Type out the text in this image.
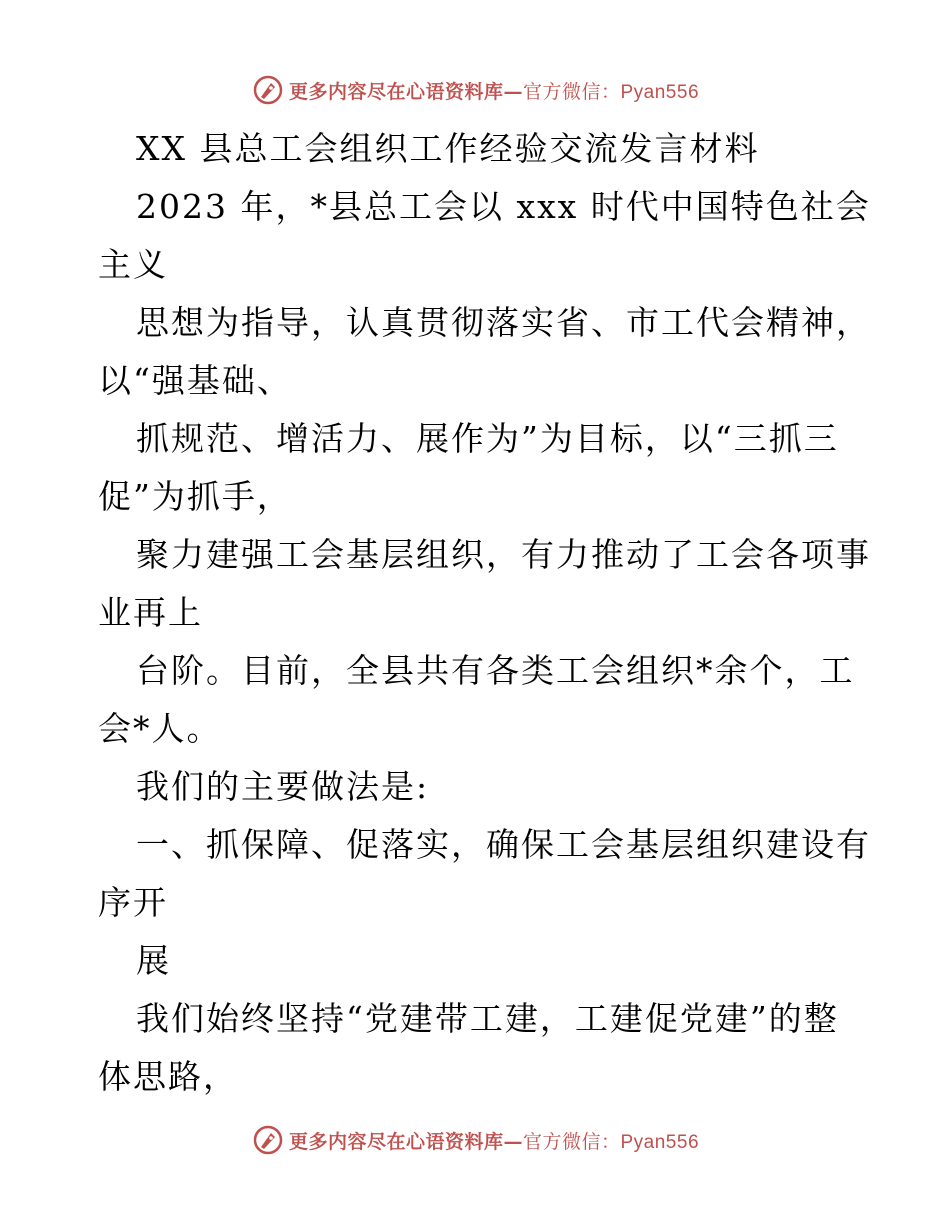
更多内容尽在心语资料库—官方微信：Pyan556
XX 县总工会组织工作经验交流发言材料
2023 年，*县总工会以 xxx 时代中国特色社会
主义
思想为指导，认真贯彻落实省、市工代会精神，
以“强基础、
抓规范、增活力、展作为”为目标，以“三抓三
促”为抓手，
聚力建强工会基层组织，有力推动了工会各项事
业再上
台阶。目前，全县共有各类工会组织*余个，工
会*人。
我们的主要做法是:
一、抓保障、促落实，确保工会基层组织建设有
序开
展
我们始终坚持“党建带工建，工建促党建”的整
体思路，
更多内容尽在心语资料库—官方微信：Pyan556
